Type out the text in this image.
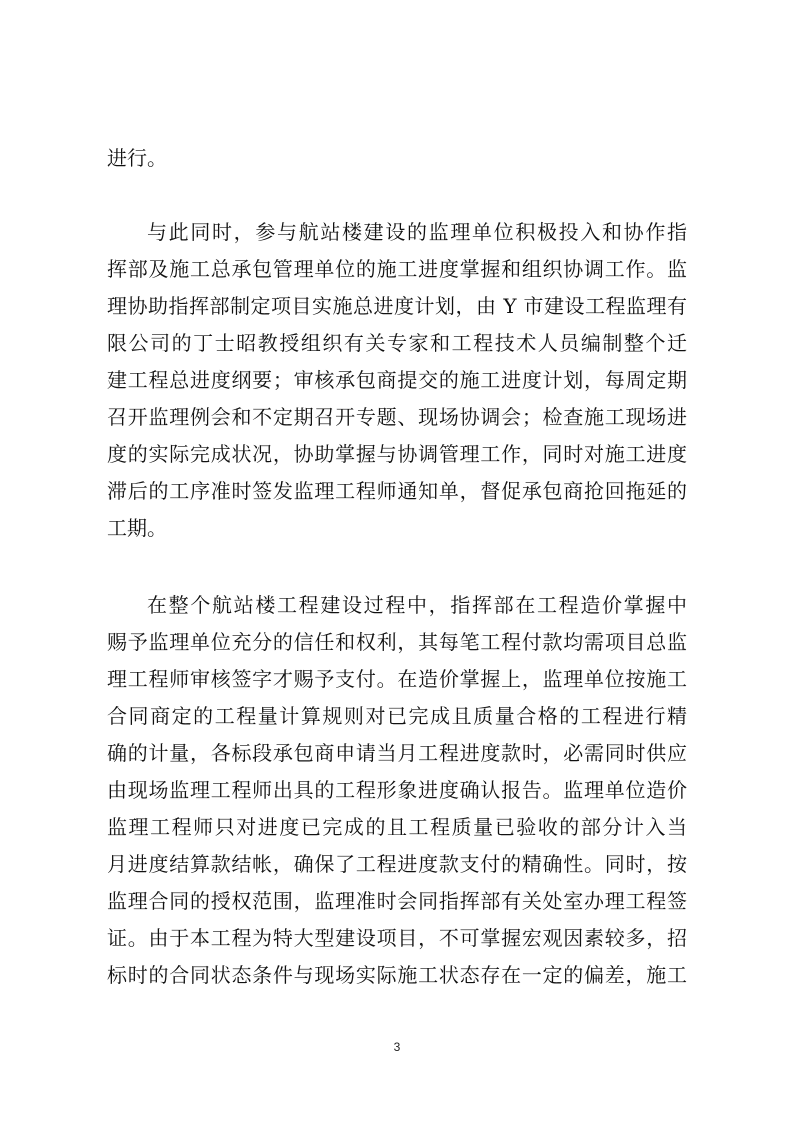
进行。
与此同时，参与航站楼建设的监理单位积极投入和协作指
挥部及施工总承包管理单位的施工进度掌握和组织协调工作。监
理协助指挥部制定项目实施总进度计划，由 Y 市建设工程监理有
限公司的丁士昭教授组织有关专家和工程技术人员编制整个迁
建工程总进度纲要；审核承包商提交的施工进度计划，每周定期
召开监理例会和不定期召开专题、现场协调会；检查施工现场进
度的实际完成状况，协助掌握与协调管理工作，同时对施工进度
滞后的工序准时签发监理工程师通知单，督促承包商抢回拖延的
工期。
在整个航站楼工程建设过程中，指挥部在工程造价掌握中
赐予监理单位充分的信任和权利，其每笔工程付款均需项目总监
理工程师审核签字才赐予支付。在造价掌握上，监理单位按施工
合同商定的工程量计算规则对已完成且质量合格的工程进行精
确的计量，各标段承包商申请当月工程进度款时，必需同时供应
由现场监理工程师出具的工程形象进度确认报告。监理单位造价
监理工程师只对进度已完成的且工程质量已验收的部分计入当
月进度结算款结帐，确保了工程进度款支付的精确性。同时，按
监理合同的授权范围，监理准时会同指挥部有关处室办理工程签
证。由于本工程为特大型建设项目，不可掌握宏观因素较多，招
标时的合同状态条件与现场实际施工状态存在一定的偏差，施工
3
